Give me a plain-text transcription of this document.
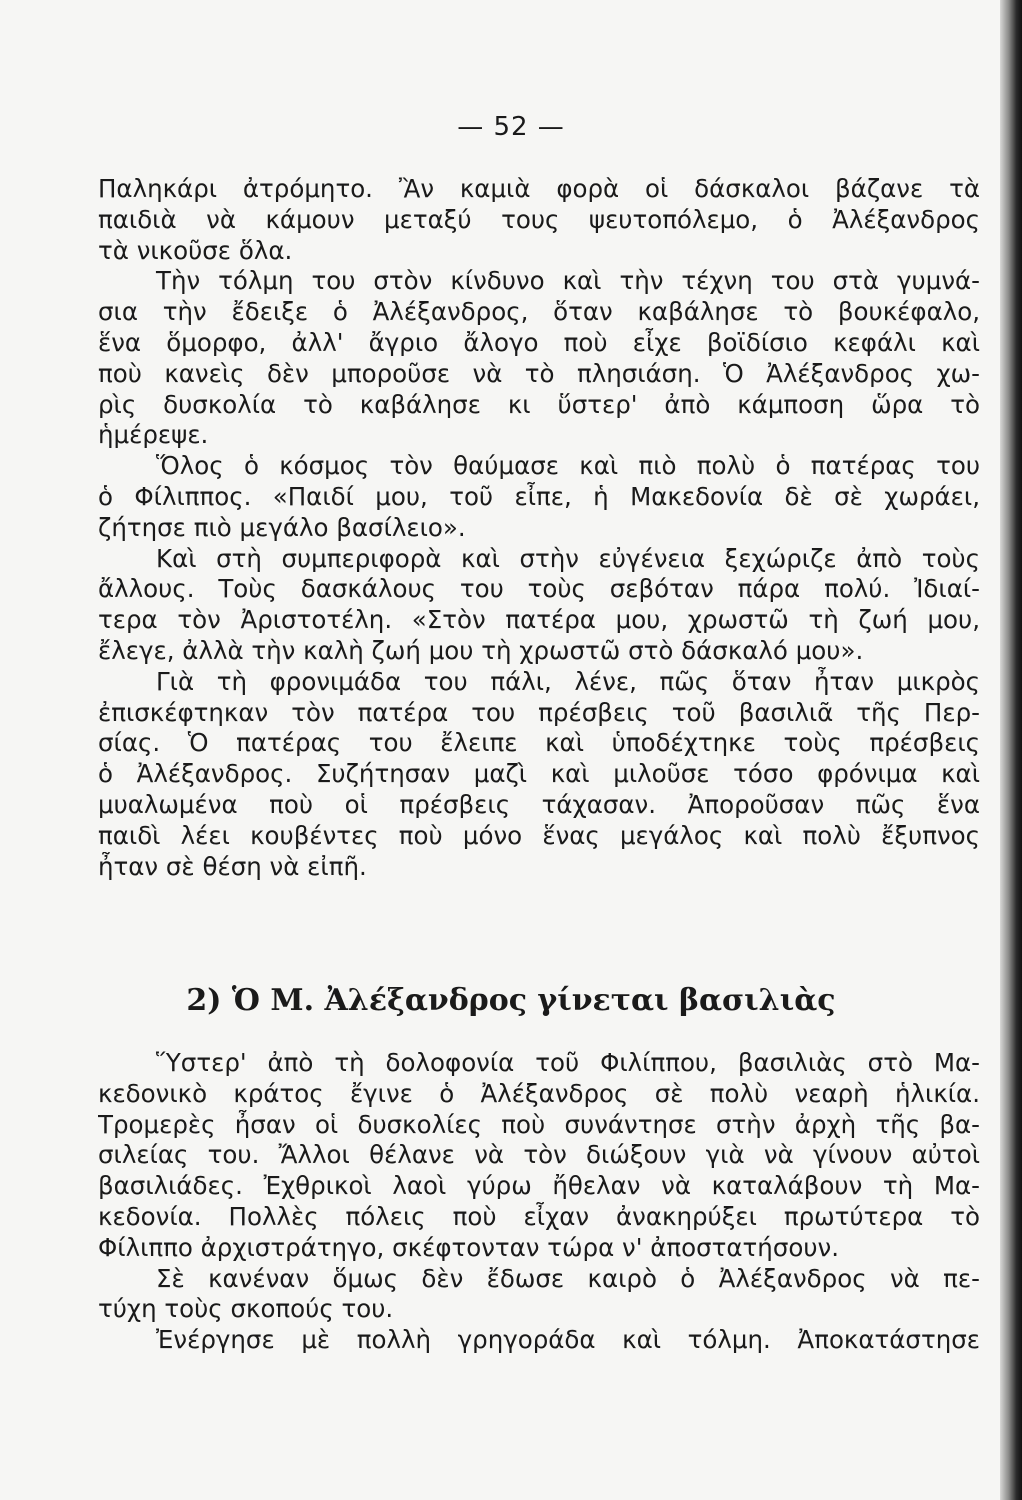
— 52 —
Παληκάρι ἀτρόμητο. Ἂν καμιὰ φορὰ οἱ δάσκαλοι βάζανε τὰ
παιδιὰ νὰ κάμουν μεταξύ τους ψευτοπόλεμο, ὁ Ἀλέξανδρος
τὰ νικοῦσε ὅλα.
Τὴν τόλμη του στὸν κίνδυνο καὶ τὴν τέχνη του στὰ γυμνά-
σια τὴν ἔδειξε ὁ Ἀλέξανδρος, ὅταν καβάλησε τὸ βουκέφαλο,
ἕνα ὅμορφο, ἀλλ' ἄγριο ἄλογο ποὺ εἶχε βοϊδίσιο κεφάλι καὶ
ποὺ κανεὶς δὲν μποροῦσε νὰ τὸ πλησιάση. Ὁ Ἀλέξανδρος χω-
ρὶς δυσκολία τὸ καβάλησε κι ὕστερ' ἀπὸ κάμποση ὥρα τὸ
ἡμέρεψε.
Ὅλος ὁ κόσμος τὸν θαύμασε καὶ πιὸ πολὺ ὁ πατέρας του
ὁ Φίλιππος. «Παιδί μου, τοῦ εἶπε, ἡ Μακεδονία δὲ σὲ χωράει,
ζήτησε πιὸ μεγάλο βασίλειο».
Καὶ στὴ συμπεριφορὰ καὶ στὴν εὐγένεια ξεχώριζε ἀπὸ τοὺς
ἄλλους. Τοὺς δασκάλους του τοὺς σεβόταν πάρα πολύ. Ἰδιαί-
τερα τὸν Ἀριστοτέλη. «Στὸν πατέρα μου, χρωστῶ τὴ ζωή μου,
ἔλεγε, ἀλλὰ τὴν καλὴ ζωή μου τὴ χρωστῶ στὸ δάσκαλό μου».
Γιὰ τὴ φρονιμάδα του πάλι, λένε, πῶς ὅταν ἦταν μικρὸς
ἐπισκέφτηκαν τὸν πατέρα του πρέσβεις τοῦ βασιλιᾶ τῆς Περ-
σίας. Ὁ πατέρας του ἔλειπε καὶ ὑποδέχτηκε τοὺς πρέσβεις
ὁ Ἀλέξανδρος. Συζήτησαν μαζὶ καὶ μιλοῦσε τόσο φρόνιμα καὶ
μυαλωμένα ποὺ οἱ πρέσβεις τάχασαν. Ἀποροῦσαν πῶς ἕνα
παιδὶ λέει κουβέντες ποὺ μόνο ἕνας μεγάλος καὶ πολὺ ἔξυπνος
ἦταν σὲ θέση νὰ εἰπῆ.
2) Ὁ Μ. Ἀλέξανδρος γίνεται βασιλιὰς
Ὕστερ' ἀπὸ τὴ δολοφονία τοῦ Φιλίππου, βασιλιὰς στὸ Μα-
κεδονικὸ κράτος ἔγινε ὁ Ἀλέξανδρος σὲ πολὺ νεαρὴ ἡλικία.
Τρομερὲς ἦσαν οἱ δυσκολίες ποὺ συνάντησε στὴν ἀρχὴ τῆς βα-
σιλείας του. Ἄλλοι θέλανε νὰ τὸν διώξουν γιὰ νὰ γίνουν αὐτοὶ
βασιλιάδες. Ἐχθρικοὶ λαοὶ γύρω ἤθελαν νὰ καταλάβουν τὴ Μα-
κεδονία. Πολλὲς πόλεις ποὺ εἶχαν ἀνακηρύξει πρωτύτερα τὸ
Φίλιππο ἀρχιστράτηγο, σκέφτονταν τώρα ν' ἀποστατήσουν.
Σὲ κανέναν ὅμως δὲν ἔδωσε καιρὸ ὁ Ἀλέξανδρος νὰ πε-
τύχη τοὺς σκοπούς του.
Ἐνέργησε μὲ πολλὴ γρηγοράδα καὶ τόλμη. Ἀποκατάστησε
